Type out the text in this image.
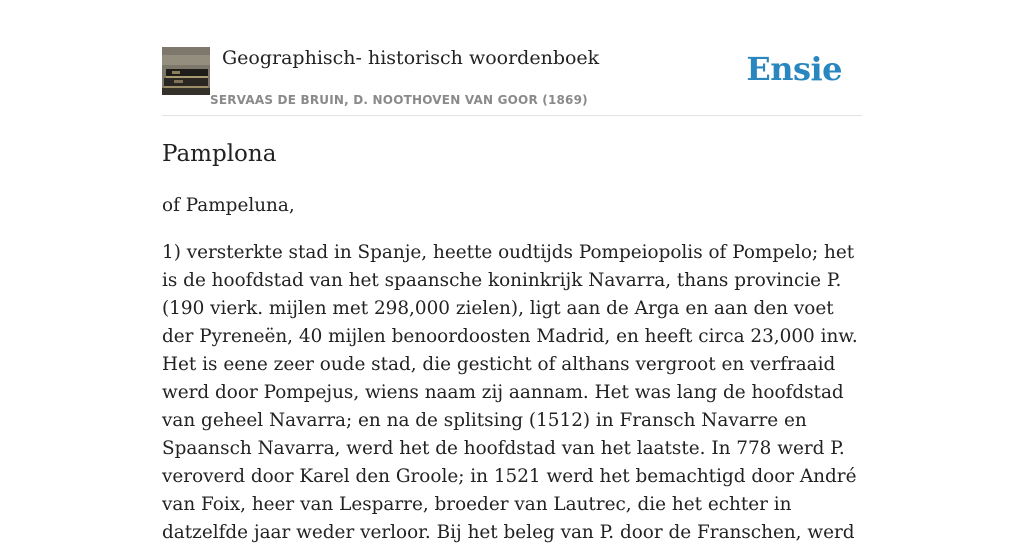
Geographisch- historisch woordenboek
SERVAAS DE BRUIN, D. NOOTHOVEN VAN GOOR (1869)
Ensie
Pamplona

of Pampeluna,

1) versterkte stad in Spanje, heette oudtijds Pompeiopolis of Pompelo; het is de hoofdstad van het spaansche koninkrijk Navarra, thans provincie P. (190 vierk. mijlen met 298,000 zielen), ligt aan de Arga en aan den voet der Pyreneën, 40 mijlen benoordoosten Madrid, en heeft circa 23,000 inw. Het is eene zeer oude stad, die gesticht of althans vergroot en verfraaid werd door Pompejus, wiens naam zij aannam. Het was lang de hoofdstad van geheel Navarra; en na de splitsing (1512) in Fransch Navarre en Spaansch Navarra, werd het de hoofdstad van het laatste. In 778 werd P. veroverd door Karel den Groole; in 1521 werd het bemachtigd door André van Foix, heer van Lesparre, broeder van Lautrec, die het echter in datzelfde jaar weder verloor. Bij het beleg van P. door de Franschen, werd
